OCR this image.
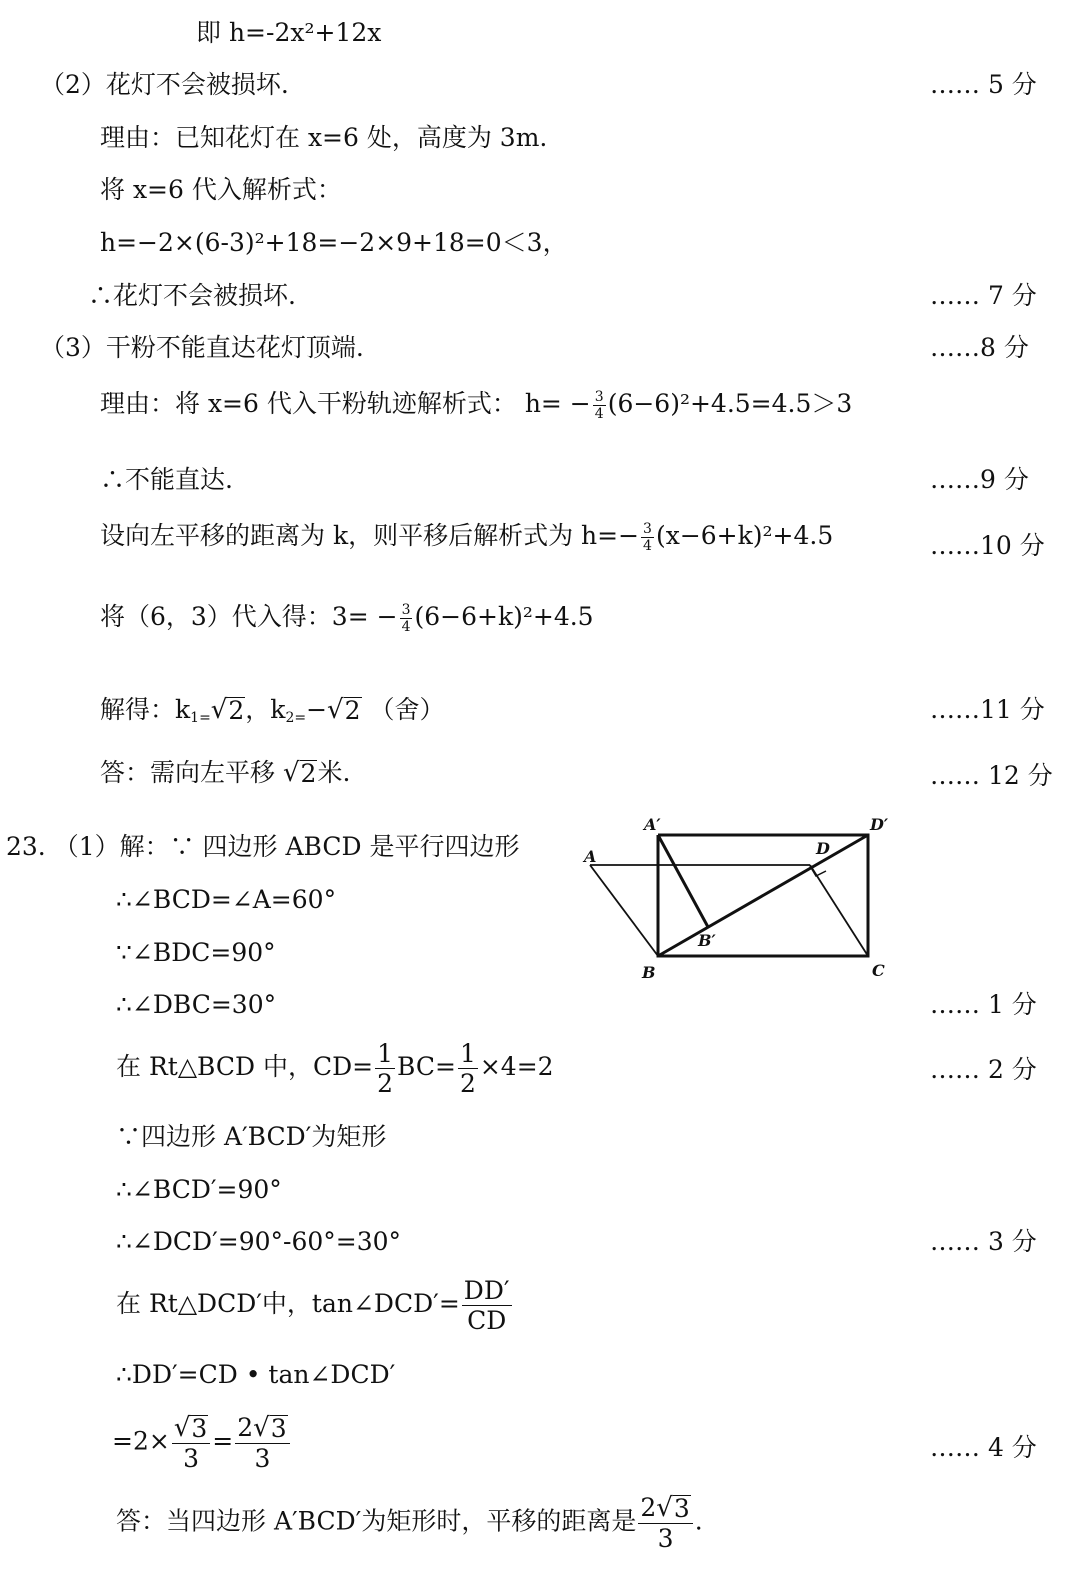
即 h=-2x²+12x
（2）花灯不会被损坏.	…… 5 分
理由：已知花灯在 x=6 处，高度为 3m.
将 x=6 代入解析式：
h=−2×(6-3)²+18=−2×9+18=0＜3，
∴花灯不会被损坏.	…… 7 分
（3）干粉不能直达花灯顶端.	……8 分
理由：将 x=6 代入干粉轨迹解析式： $h= - \frac{3}{4} (6-6)^2+4.5=4.5>3$
∴不能直达.	……9 分
设向左平移的距离为 k，则平移后解析式为 $h=- \frac{3}{4} (x-6+k)^2+4.5$	……10 分
将（6，3）代入得：$3= - \frac{3}{4} (6-6+k)^2+4.5$
解得：$k_{1=}$ √ 2 ，$k_{2=}-$ √ 2 （舍）	……11 分
答：需向左平移 √ 2 米.	…… 12 分
23. （1）解：∵ 四边形 ABCD 是平行四边形	A
A′
D
D′
B′
B	C
∴∠BCD=∠A=60°
∵∠BDC=90°
∴∠DBC=30°	…… 1 分
在 Rt△BCD 中，$CD= \frac{1}{2} BC= \frac{1}{2} \times 4=2$	…… 2 分
∵四边形 A′BCD′为矩形
∴∠BCD′=90°
∴∠DCD′=90°-60°=30°	…… 3 分
在 Rt△DCD′中，tan∠DCD′= $\frac{DD'}{CD}$
∴DD′=CD • tan∠DCD′
$=2\times \frac{√ 3}{3} = \frac{2 √ 3}{3}$	…… 4 分
答：当四边形 A′BCD′为矩形时，平移的距离是 $\frac{2 √ 3}{3}$ .
